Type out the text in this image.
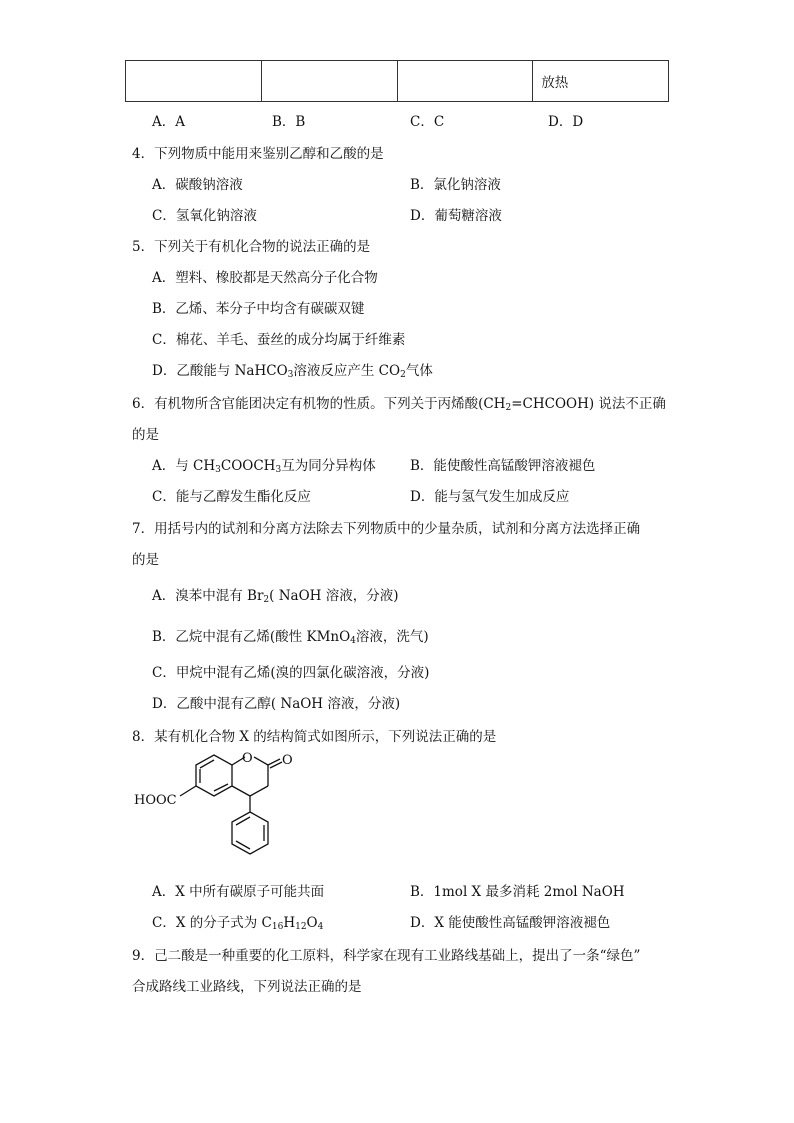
			放热
A．A	B．B	C．C	D．D
4．下列物质中能用来鉴别乙醇和乙酸的是
A．碳酸钠溶液	B．氯化钠溶液
C．氢氧化钠溶液	D．葡萄糖溶液
5．下列关于有机化合物的说法正确的是
A．塑料、橡胶都是天然高分子化合物
B．乙烯、苯分子中均含有碳碳双键
C．棉花、羊毛、蚕丝的成分均属于纤维素
D．乙酸能与 NaHCO$_3$溶液反应产生 $CO_2$气体
6．有机物所含官能团决定有机物的性质。下列关于丙烯酸$(CH_2=CHCOOH)$ 说法不正确
的是
A．与 $CH_3COOCH_3$互为同分异构体	B．能使酸性高锰酸钾溶液褪色
C．能与乙醇发生酯化反应	D．能与氢气发生加成反应
7．用括号内的试剂和分离方法除去下列物质中的少量杂质，试剂和分离方法选择正确
的是
A．溴苯中混有 $Br_2$( NaOH 溶液，分液)
B．乙烷中混有乙烯(酸性 KMnO$_4$溶液，洗气)
C．甲烷中混有乙烯(溴的四氯化碳溶液，分液)
D．乙酸中混有乙醇( NaOH 溶液，分液)
8．某有机化合物 X 的结构简式如图所示，下列说法正确的是
O O
HOOC
A．X 中所有碳原子可能共面	B．1mol X 最多消耗 2mol NaOH
C．X 的分子式为 $C_{16}H_{12}O_4$	D．X 能使酸性高锰酸钾溶液褪色
9．己二酸是一种重要的化工原料，科学家在现有工业路线基础上，提出了一条“绿色”
合成路线工业路线，下列说法正确的是
